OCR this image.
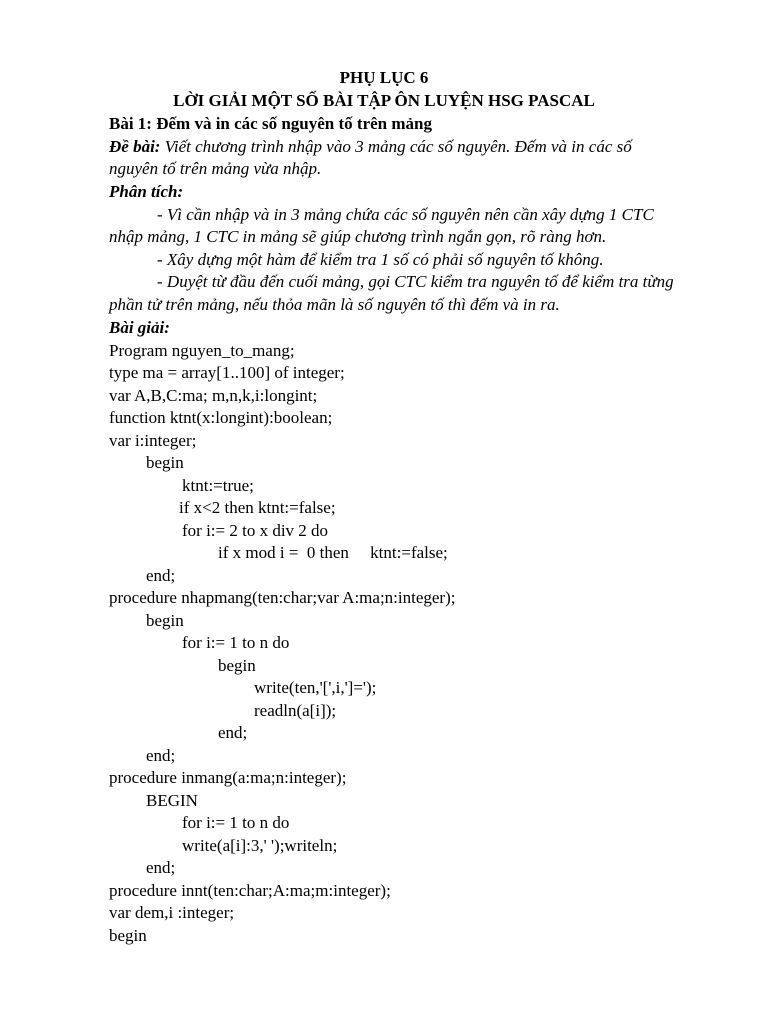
PHỤ LỤC 6

LỜI GIẢI MỘT SỐ BÀI TẬP ÔN LUYỆN HSG PASCAL

Bài 1: Đếm và in các số nguyên tố trên mảng

Đề bài: Viết chương trình nhập vào 3 mảng các số nguyên. Đếm và in các số

nguyên tố trên mảng vừa nhập.

Phân tích:

- Vì cần nhập và in 3 mảng chứa các số nguyên nên cần xây dựng 1 CTC

nhập mảng, 1 CTC in mảng sẽ giúp chương trình ngắn gọn, rõ ràng hơn.

- Xây dựng một hàm để kiểm tra 1 số có phải số nguyên tố không.

- Duyệt từ đầu đến cuối mảng, gọi CTC kiểm tra nguyên tố để kiểm tra từng

phần tử trên mảng, nếu thỏa mãn là số nguyên tố thì đếm và in ra.

Bài giải:

Program nguyen_to_mang;

type ma = array[1..100] of integer;

var A,B,C:ma; m,n,k,i:longint;

function ktnt(x:longint):boolean;

var i:integer;

begin

ktnt:=true;

if x<2 then ktnt:=false;

for i:= 2 to x div 2 do

if x mod i =  0 then     ktnt:=false;

end;

procedure nhapmang(ten:char;var A:ma;n:integer);

begin

for i:= 1 to n do

begin

write(ten,'[',i,']=');

readln(a[i]);

end;

end;

procedure inmang(a:ma;n:integer);

BEGIN

for i:= 1 to n do

write(a[i]:3,' ');writeln;

end;

procedure innt(ten:char;A:ma;m:integer);

var dem,i :integer;

begin
